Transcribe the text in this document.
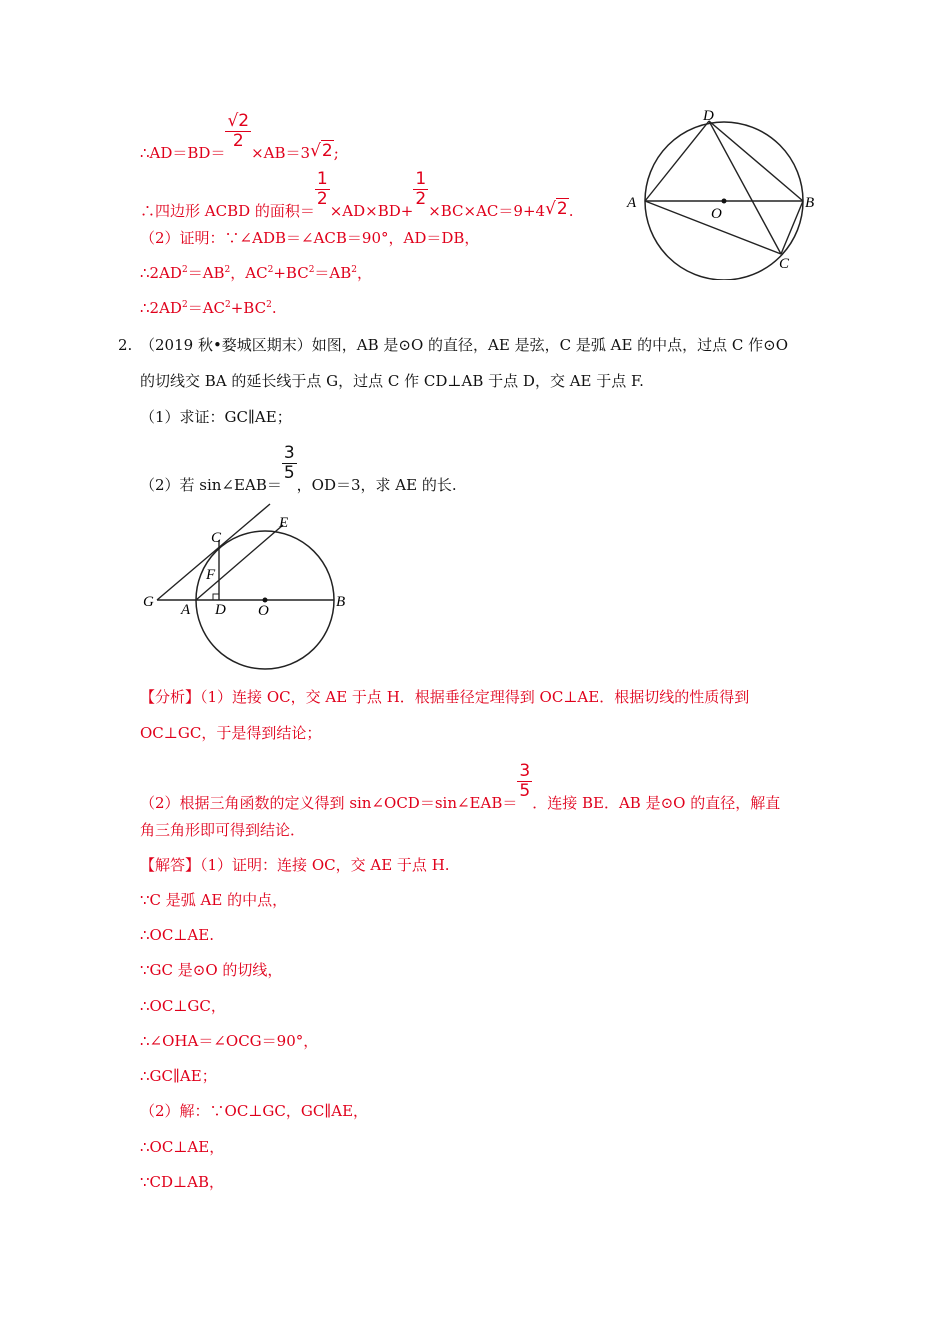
∴AD＝BD＝
$\frac{√2}{2}$
×AB＝3√2;
∴四边形 ACBD 的面积＝
$\frac{1}{2}$
×AD×BD+
$\frac{1}{2}$
×BC×AC＝9+4√2.
（2）证明：∵∠ADB＝∠ACB＝90°，AD＝DB，
$\therefore 2AD^2=AB^2$，$AC^2+BC^2=AB^2$，
$\therefore 2AD^2=AC^2+BC^2$.
D
A	B
O
C
2. （2019 秋•婺城区期末）如图，AB 是⊙O 的直径，AE 是弦，C 是弧 AE 的中点，过点 C 作⊙O
的切线交 BA 的延长线于点 G，过点 C 作 CD⊥AB 于点 D，交 AE 于点 F.
（1）求证：GC∥AE；
（2）若 sin∠EAB＝
$\frac{3}{5}$
，OD＝3，求 AE 的长.
G A D O
B
C
E
F
【分析】（1）连接 OC，交 AE 于点 H．根据垂径定理得到 OC⊥AE．根据切线的性质得到
OC⊥GC，于是得到结论；
（2）根据三角函数的定义得到 sin∠OCD＝sin∠EAB＝
$\frac{3}{5}$
．连接 BE．AB 是⊙O 的直径，解直
角三角形即可得到结论．
【解答】（1）证明：连接 OC，交 AE 于点 H.
∵C 是弧 AE 的中点，
∴OC⊥AE.
∵GC 是⊙O 的切线，
∴OC⊥GC，
∴∠OHA＝∠OCG＝90°，
∴GC∥AE；
（2）解：∵OC⊥GC，GC∥AE，
∴OC⊥AE，
∵CD⊥AB，
